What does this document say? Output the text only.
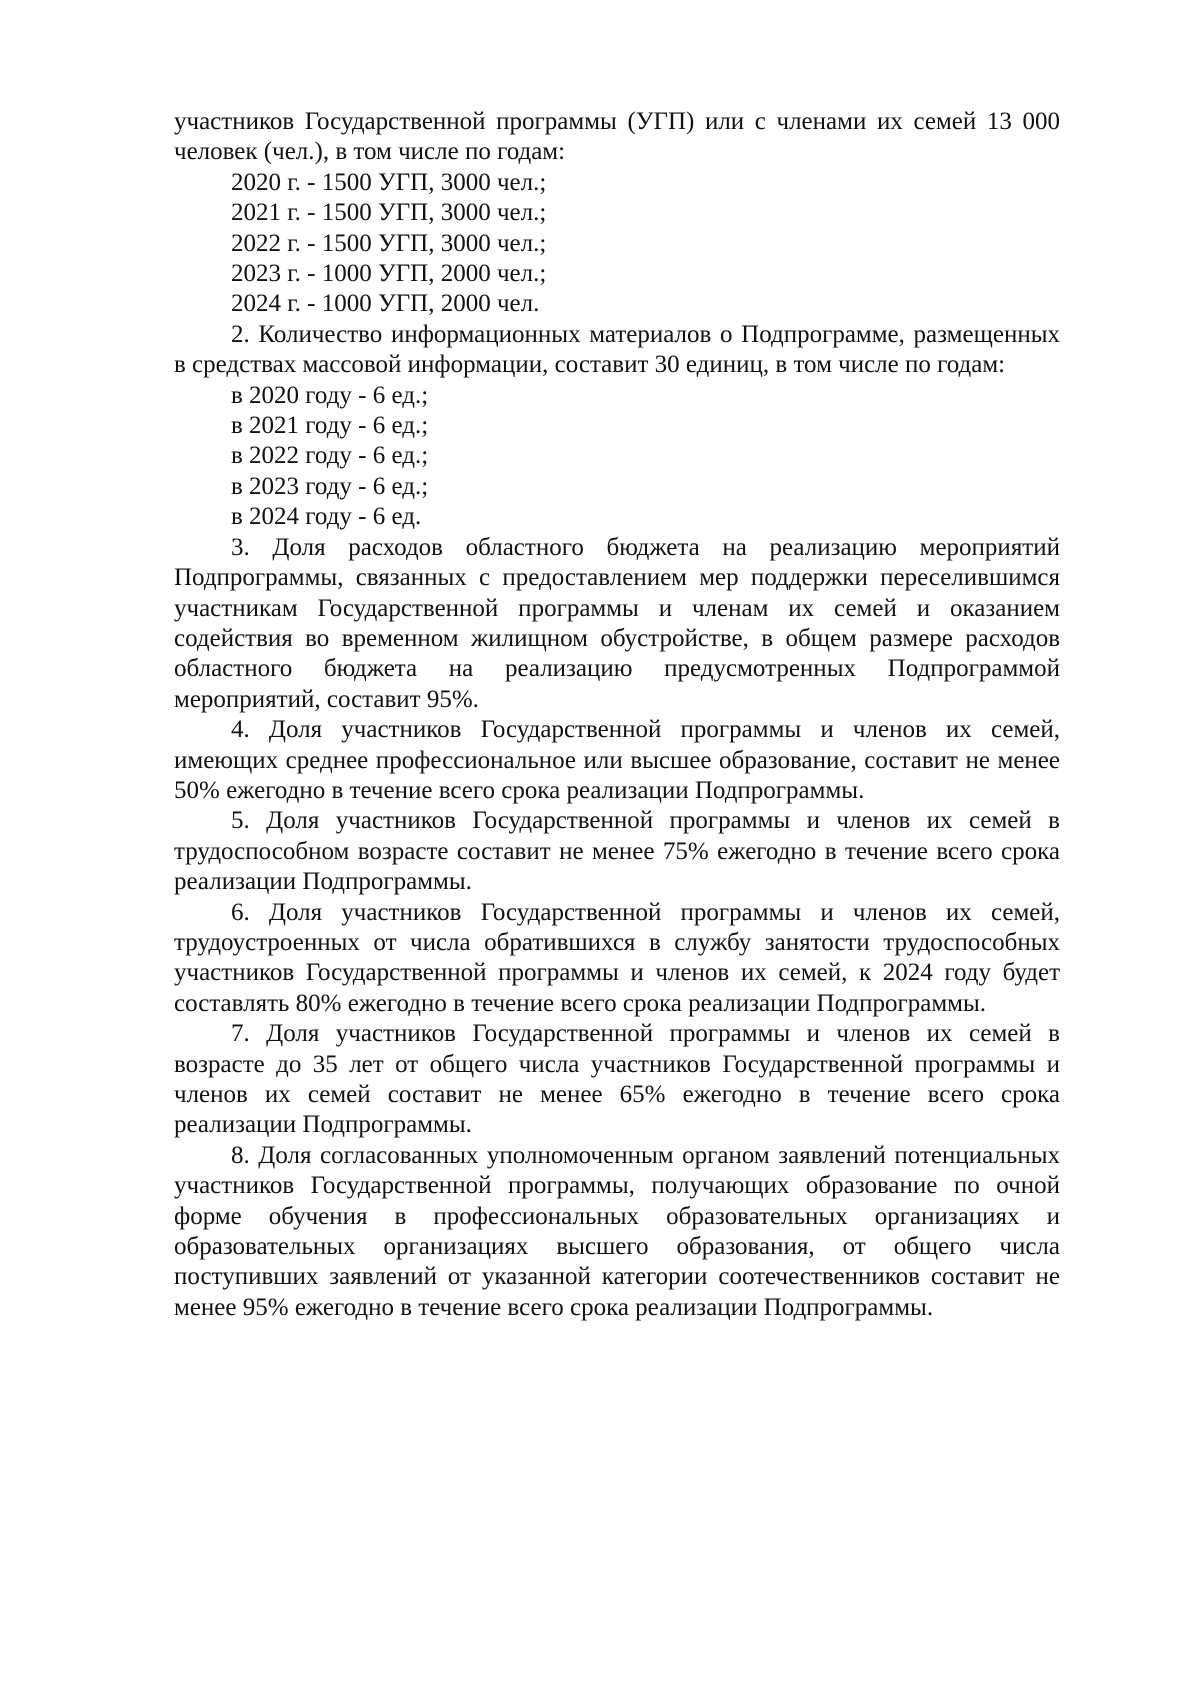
участников Государственной программы (УГП) или с членами их семей 13 000 человек (чел.), в том числе по годам:

2020 г. - 1500 УГП, 3000 чел.;

2021 г. - 1500 УГП, 3000 чел.;

2022 г. - 1500 УГП, 3000 чел.;

2023 г. - 1000 УГП, 2000 чел.;

2024 г. - 1000 УГП, 2000 чел.

2. Количество информационных материалов о Подпрограмме, размещенных в средствах массовой информации, составит 30 единиц, в том числе по годам:

в 2020 году - 6 ед.;

в 2021 году - 6 ед.;

в 2022 году - 6 ед.;

в 2023 году - 6 ед.;

в 2024 году - 6 ед.

3. Доля расходов областного бюджета на реализацию мероприятий Подпрограммы, связанных с предоставлением мер поддержки переселившимся участникам Государственной программы и членам их семей и оказанием содействия во временном жилищном обустройстве, в общем размере расходов областного бюджета на реализацию предусмотренных Подпрограммой мероприятий, составит 95%.

4. Доля участников Государственной программы и членов их семей, имеющих среднее профессиональное или высшее образование, составит не менее 50% ежегодно в течение всего срока реализации Подпрограммы.

5. Доля участников Государственной программы и членов их семей в трудоспособном возрасте составит не менее 75% ежегодно в течение всего срока реализации Подпрограммы.

6. Доля участников Государственной программы и членов их семей, трудоустроенных от числа обратившихся в службу занятости трудоспособных участников Государственной программы и членов их семей, к 2024 году будет составлять 80% ежегодно в течение всего срока реализации Подпрограммы.

7. Доля участников Государственной программы и членов их семей в возрасте до 35 лет от общего числа участников Государственной программы и членов их семей составит не менее 65% ежегодно в течение всего срока реализации Подпрограммы.

8. Доля согласованных уполномоченным органом заявлений потенциальных участников Государственной программы, получающих образование по очной форме обучения в профессиональных образовательных организациях и образовательных организациях высшего образования, от общего числа поступивших заявлений от указанной категории соотечественников составит не менее 95% ежегодно в течение всего срока реализации Подпрограммы.
